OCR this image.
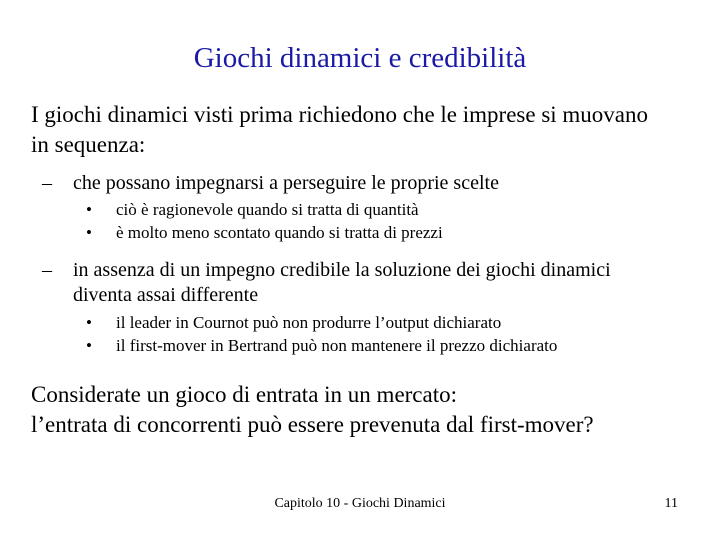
Giochi dinamici e credibilità
I giochi dinamici visti prima richiedono che le imprese si muovano
in sequenza:
–	che possano impegnarsi a perseguire le proprie scelte
• ciò è ragionevole quando si tratta di quantità
• è molto meno scontato quando si tratta di prezzi
–	in assenza di un impegno credibile la soluzione dei giochi dinamici
diventa assai differente
• il leader in Cournot può non produrre l’output dichiarato
• il first-mover in Bertrand può non mantenere il prezzo dichiarato
Considerate un gioco di entrata in un mercato:
l’entrata di concorrenti può essere prevenuta dal first-mover?
Capitolo 10 - Giochi Dinamici	11
